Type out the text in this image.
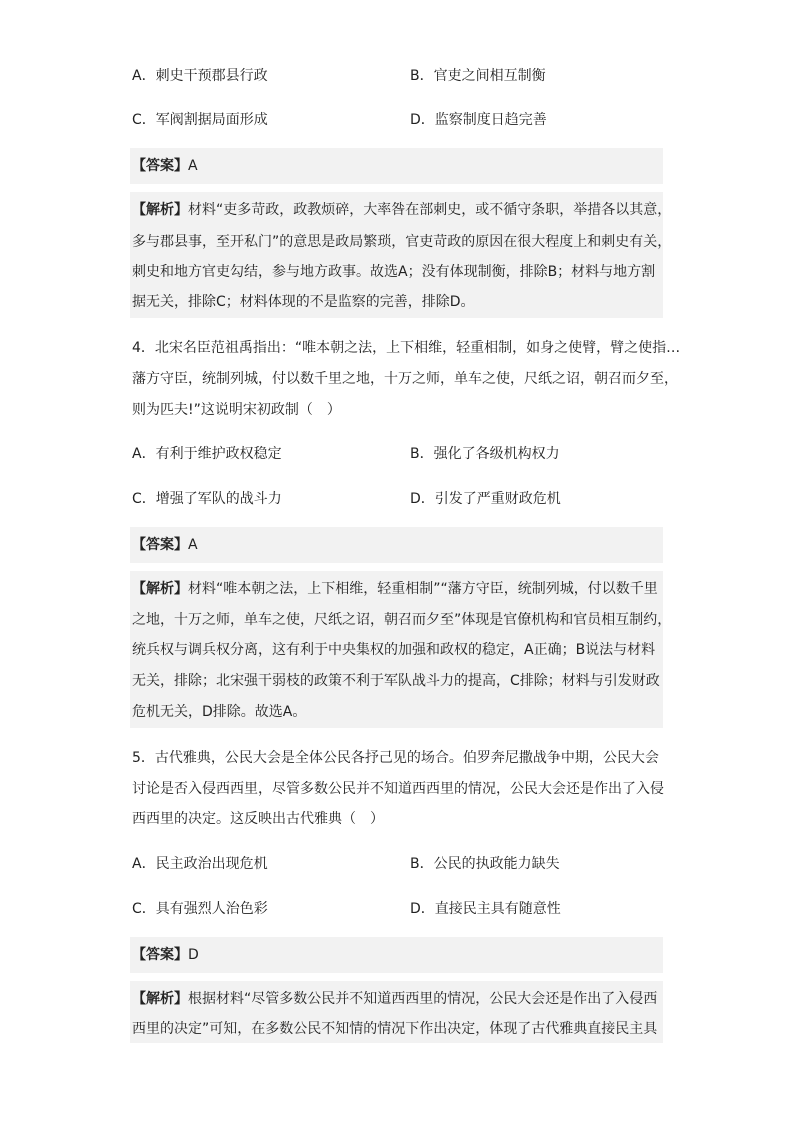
A．刺史干预郡县行政	B．官吏之间相互制衡
C．军阀割据局面形成	D．监察制度日趋完善
【答案】A
【解析】材料“吏多苛政，政教烦碎，大率咎在部刺史，或不循守条职，举措各以其意，
多与郡县事，至开私门”的意思是政局繁琐，官吏苛政的原因在很大程度上和刺史有关，
刺史和地方官吏勾结，参与地方政事。故选A；没有体现制衡，排除B；材料与地方割
据无关，排除C；材料体现的不是监察的完善，排除D。
4．北宋名臣范祖禹指出：“唯本朝之法，上下相维，轻重相制，如身之使臂，臂之使指…
藩方守臣，统制列城，付以数千里之地，十万之师，单车之使，尺纸之诏，朝召而夕至，
则为匹夫!”这说明宋初政制（　）
A．有利于维护政权稳定	B．强化了各级机构权力
C．增强了军队的战斗力	D．引发了严重财政危机
【答案】A
【解析】材料“唯本朝之法，上下相维，轻重相制”“藩方守臣，统制列城，付以数千里
之地，十万之师，单车之使，尺纸之诏，朝召而夕至”体现是官僚机构和官员相互制约，
统兵权与调兵权分离，这有利于中央集权的加强和政权的稳定，A正确；B说法与材料
无关，排除；北宋强干弱枝的政策不利于军队战斗力的提高，C排除；材料与引发财政
危机无关，D排除。故选A。
5．古代雅典，公民大会是全体公民各抒己见的场合。伯罗奔尼撒战争中期，公民大会
讨论是否入侵西西里，尽管多数公民并不知道西西里的情况，公民大会还是作出了入侵
西西里的决定。这反映出古代雅典（　）
A．民主政治出现危机	B．公民的执政能力缺失
C．具有强烈人治色彩	D．直接民主具有随意性
【答案】D
【解析】根据材料“尽管多数公民并不知道西西里的情况，公民大会还是作出了入侵西
西里的决定”可知，在多数公民不知情的情况下作出决定，体现了古代雅典直接民主具
